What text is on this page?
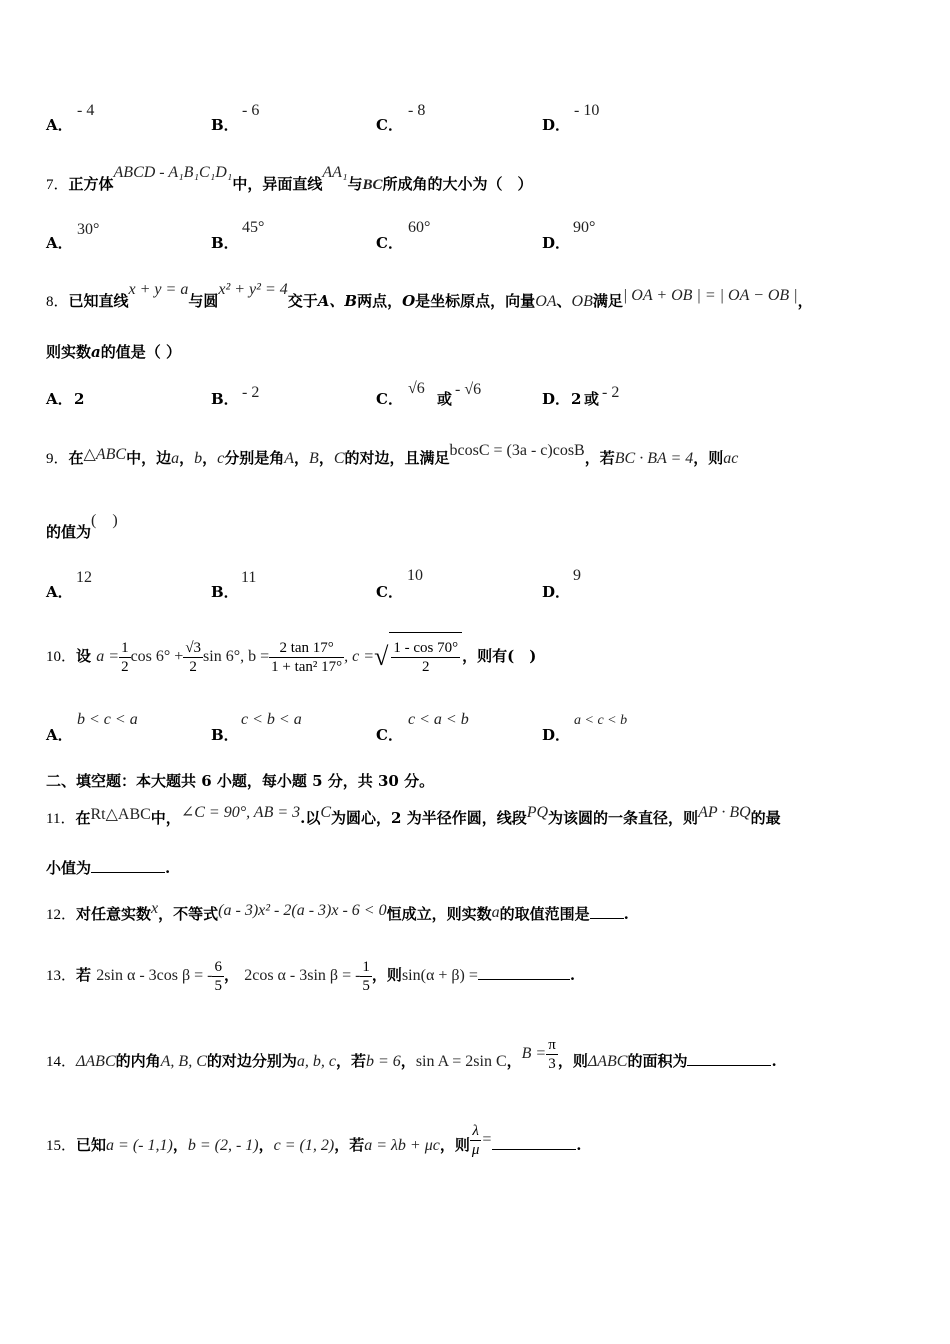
A．
- 4
B．
- 6
C．
- 8
D．
- 10
7．正方体ABCD - A₁B₁C₁D₁中，异面直线AA₁与BC所成角的大小为（　）
A．
30°
B．
45°
C．
60°
D．
90°
8．已知直线x + y = a与圆x² + y² = 4交于A、B两点，O是坐标原点，向量OA、OB满足| OA + OB | = | OA − OB |，
则实数a的值是（ ）
A． 2	B． - 2	C．
√6
或
- √6
D． 2 或 - 2
9．在△ABC中，边a，b，c分别是角A，B，C的对边，且满足bcosC = (3a - c)cosB，若BC · BA = 4，则ac
的值为(　)
A．
12
B．
11
C．
10
D．
9
10．设 $a = \frac{1}{2}$ $\cos 6^\circ + \frac{√3}{2}$ sin 6°, $b = \frac{2 \tan 17^\circ}{\text{1 + tan² 17°}}$ , c =√ $\frac{1 - \cos 70^\circ}{2}$ ，则有(　)
A．
b < c < a
B．
c < b < a
C．
c < a < b
D．
a < c < b
二、填空题：本大题共 6 小题，每小题 5 分，共 30 分。
11．在Rt△ABC中，∠C = 90°, AB = 3.以C为圆心，2 为半径作圆，线段PQ为该圆的一条直径，则AP · BQ的最
小值为	.
12．对任意实数x，不等式(a - 3)x² - 2(a - 3)x - 6 < 0恒成立，则实数a的取值范围是 .
13．若 2sin α - 3cos β = - $\frac{6}{5}$ ， 2cos α - 3sin β = - $\frac{1}{5}$ ，则sin(α + β) =	.
14．ΔABC的内角A, B, C的对边分别为a, b, c，若b = 6，sin A = 2sin C，$B = \frac{\pi}{3}$ ，则ΔABC的面积为	.
15．已知a = (- 1,1)，b = (2, - 1)，c = (1, 2)，若a = λb + μc，则 $\frac{\lambda}{\mu}$ =	.
